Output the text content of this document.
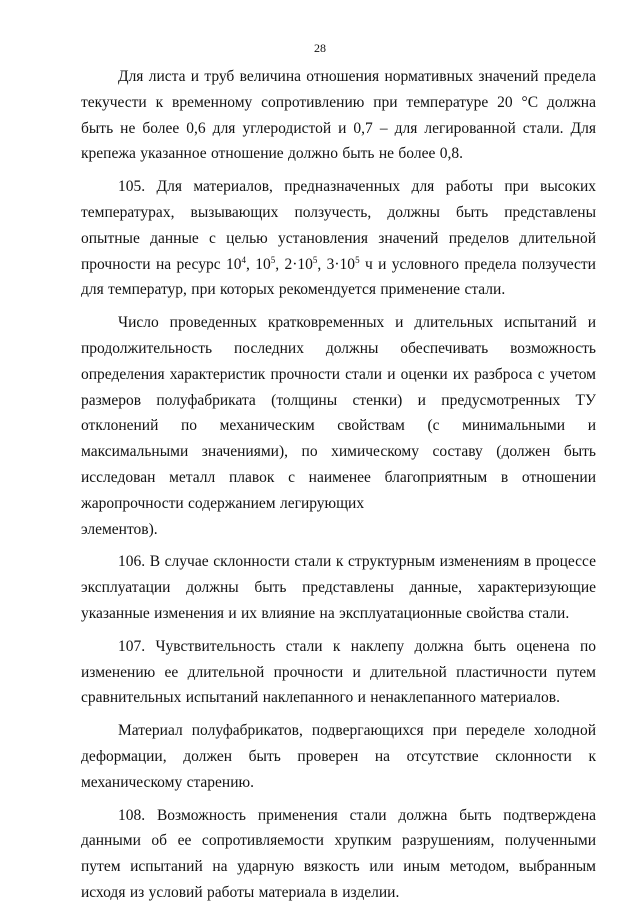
28

Для листа и труб величина отношения нормативных значений предела текучести к временному сопротивлению при температуре 20 °С должна быть не более 0,6 для углеродистой и 0,7 – для легированной стали. Для крепежа указанное отношение должно быть не более 0,8.

105. Для материалов, предназначенных для работы при высоких температурах, вызывающих ползучесть, должны быть представлены опытные данные с целью установления значений пределов длительной прочности на ресурс $10^4$, $10^5$, $2\cdot 10^5$, $3\cdot 10^5$ ч и условного предела ползучести для температур, при которых рекомендуется применение стали.

Число проведенных кратковременных и длительных испытаний и продолжительность последних должны обеспечивать возможность определения характеристик прочности стали и оценки их разброса с учетом размеров полуфабриката (толщины стенки) и предусмотренных ТУ отклонений по механическим свойствам (с минимальными и максимальными значениями), по химическому составу (должен быть исследован металл плавок с наименее благоприятным в отношении жаропрочности содержанием легирующих

элементов).

106. В случае склонности стали к структурным изменениям в процессе эксплуатации должны быть представлены данные, характеризующие указанные изменения и их влияние на эксплуатационные свойства стали.

107. Чувствительность стали к наклепу должна быть оценена по изменению ее длительной прочности и длительной пластичности путем сравнительных испытаний наклепанного и ненаклепанного материалов.

Материал полуфабрикатов, подвергающихся при переделе холодной деформации, должен быть проверен на отсутствие склонности к механическому старению.

108. Возможность применения стали должна быть подтверждена данными об ее сопротивляемости хрупким разрушениям, полученными путем испытаний на ударную вязкость или иным методом, выбранным исходя из условий работы материала в изделии.
